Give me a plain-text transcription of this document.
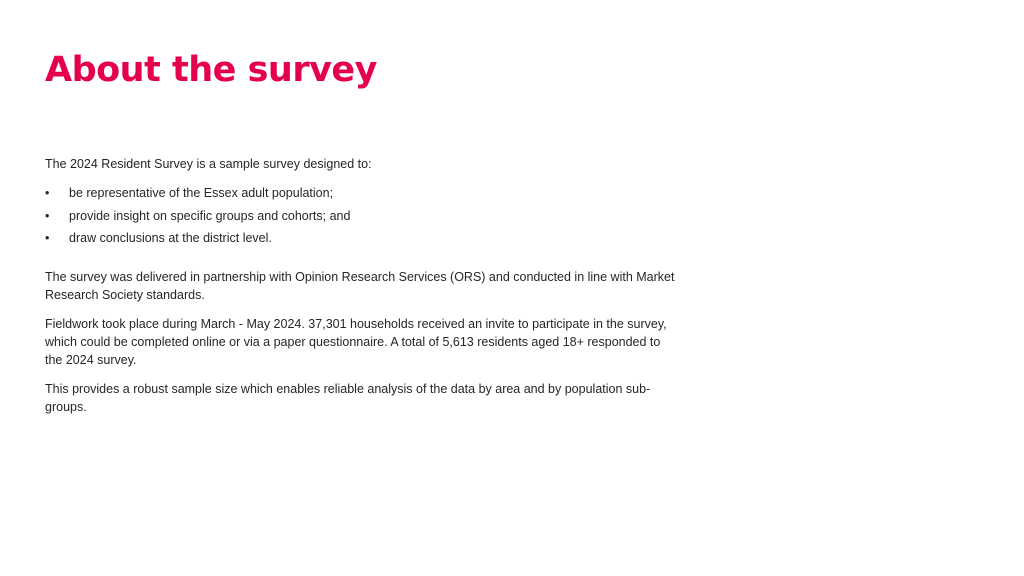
About the survey

The 2024 Resident Survey is a sample survey designed to:

• be representative of the Essex adult population;
• provide insight on specific groups and cohorts; and
• draw conclusions at the district level.

The survey was delivered in partnership with Opinion Research Services (ORS) and conducted in line with Market Research Society standards.

Fieldwork took place during March - May 2024. 37,301 households received an invite to participate in the survey, which could be completed online or via a paper questionnaire. A total of 5,613 residents aged 18+ responded to the 2024 survey.

This provides a robust sample size which enables reliable analysis of the data by area and by population sub-groups.
